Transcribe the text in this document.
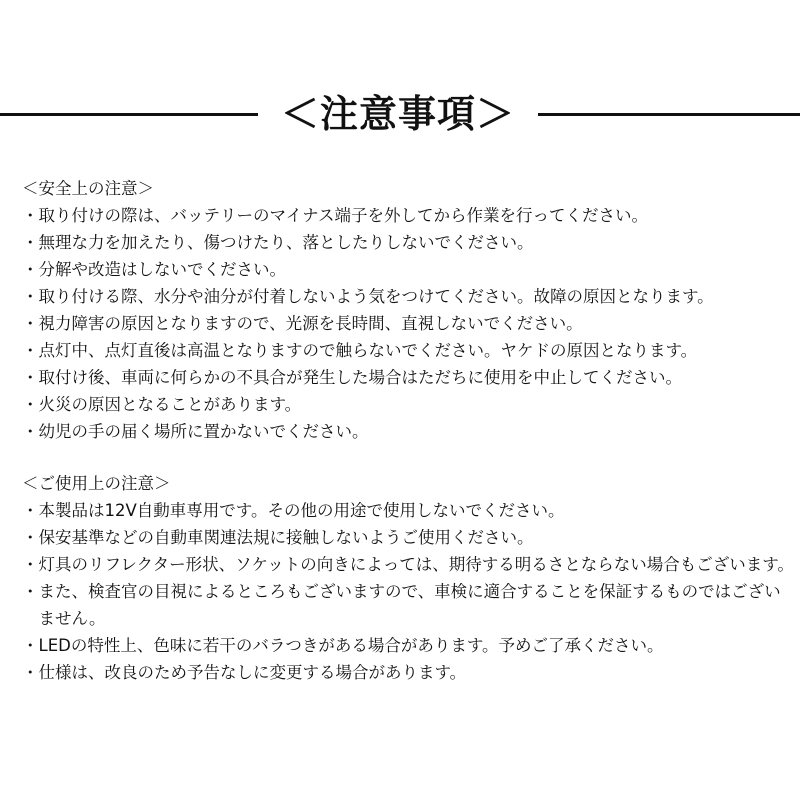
＜注意事項＞
＜安全上の注意＞
・取り付けの際は、バッテリーのマイナス端子を外してから作業を行ってください。
・無理な力を加えたり、傷つけたり、落としたりしないでください。
・分解や改造はしないでください。
・取り付ける際、水分や油分が付着しないよう気をつけてください。故障の原因となります。
・視力障害の原因となりますので、光源を長時間、直視しないでください。
・点灯中、点灯直後は高温となりますので触らないでください。ヤケドの原因となります。
・取付け後、車両に何らかの不具合が発生した場合はただちに使用を中止してください。
・火災の原因となることがあります。
・幼児の手の届く場所に置かないでください。
＜ご使用上の注意＞
・本製品は12V自動車専用です。その他の用途で使用しないでください。
・保安基準などの自動車関連法規に接触しないようご使用ください。
・灯具のリフレクター形状、ソケットの向きによっては、期待する明るさとならない場合もございます。
・また、検査官の目視によるところもございますので、車検に適合することを保証するものではございません。
・LEDの特性上、色味に若干のバラつきがある場合があります。予めご了承ください。
・仕様は、改良のため予告なしに変更する場合があります。
